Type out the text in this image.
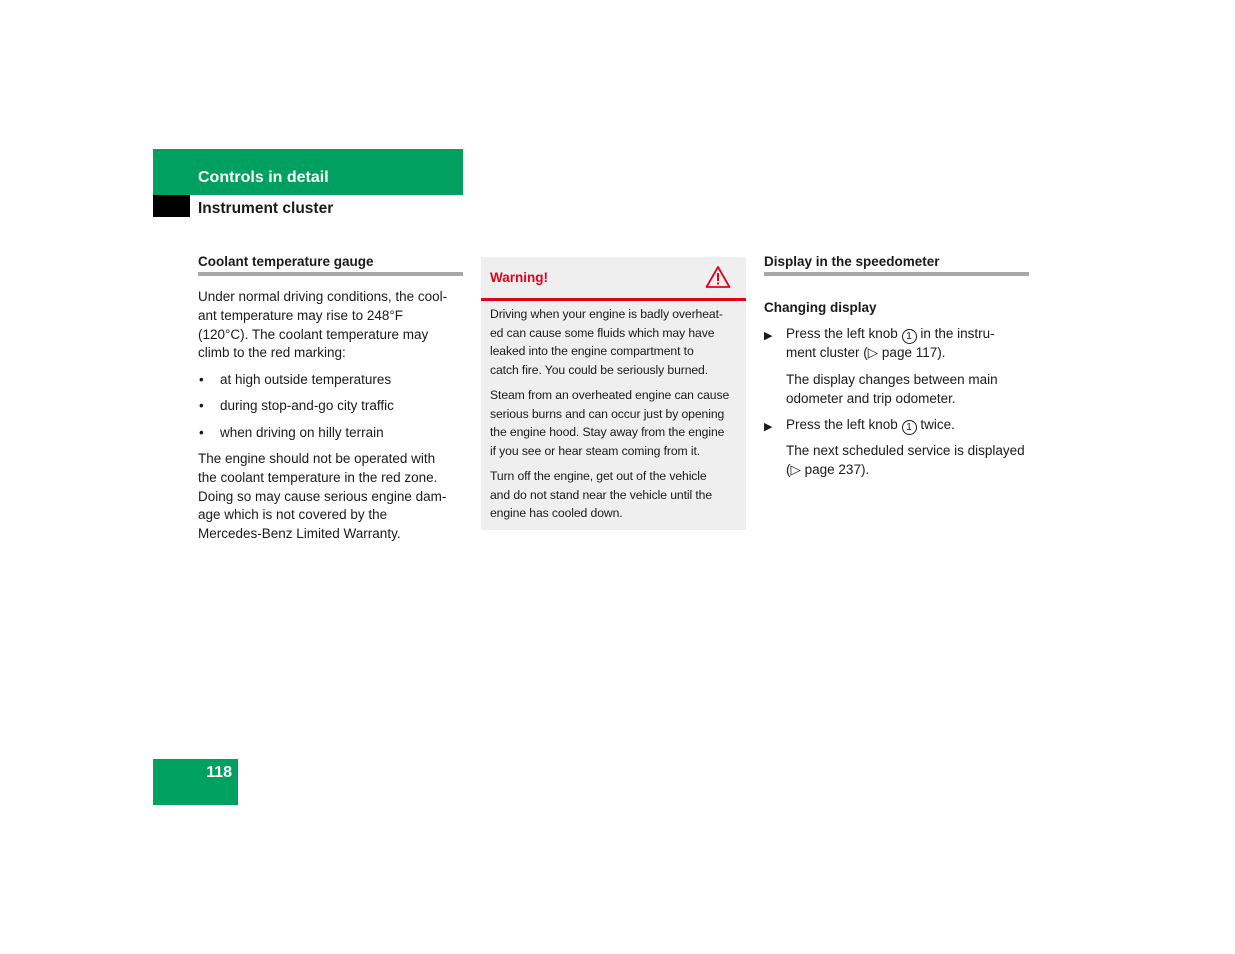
Controls in detail
Instrument cluster
Coolant temperature gauge
Under normal driving conditions, the cool-
ant temperature may rise to 248°F
(120°C). The coolant temperature may
climb to the red marking:
• at high outside temperatures
• during stop-and-go city traffic
• when driving on hilly terrain
The engine should not be operated with
the coolant temperature in the red zone.
Doing so may cause serious engine dam-
age which is not covered by the
Mercedes-Benz Limited Warranty.
Warning!
Driving when your engine is badly overheat-
ed can cause some fluids which may have
leaked into the engine compartment to
catch fire. You could be seriously burned.
Steam from an overheated engine can cause
serious burns and can occur just by opening
the engine hood. Stay away from the engine
if you see or hear steam coming from it.
Turn off the engine, get out of the vehicle
and do not stand near the vehicle until the
engine has cooled down.
Display in the speedometer
Changing display
▶ Press the left knob 1 in the instru-
ment cluster (▷ page 117).
The display changes between main
odometer and trip odometer.
▶ Press the left knob 1 twice.
The next scheduled service is displayed
(▷ page 237).
118
